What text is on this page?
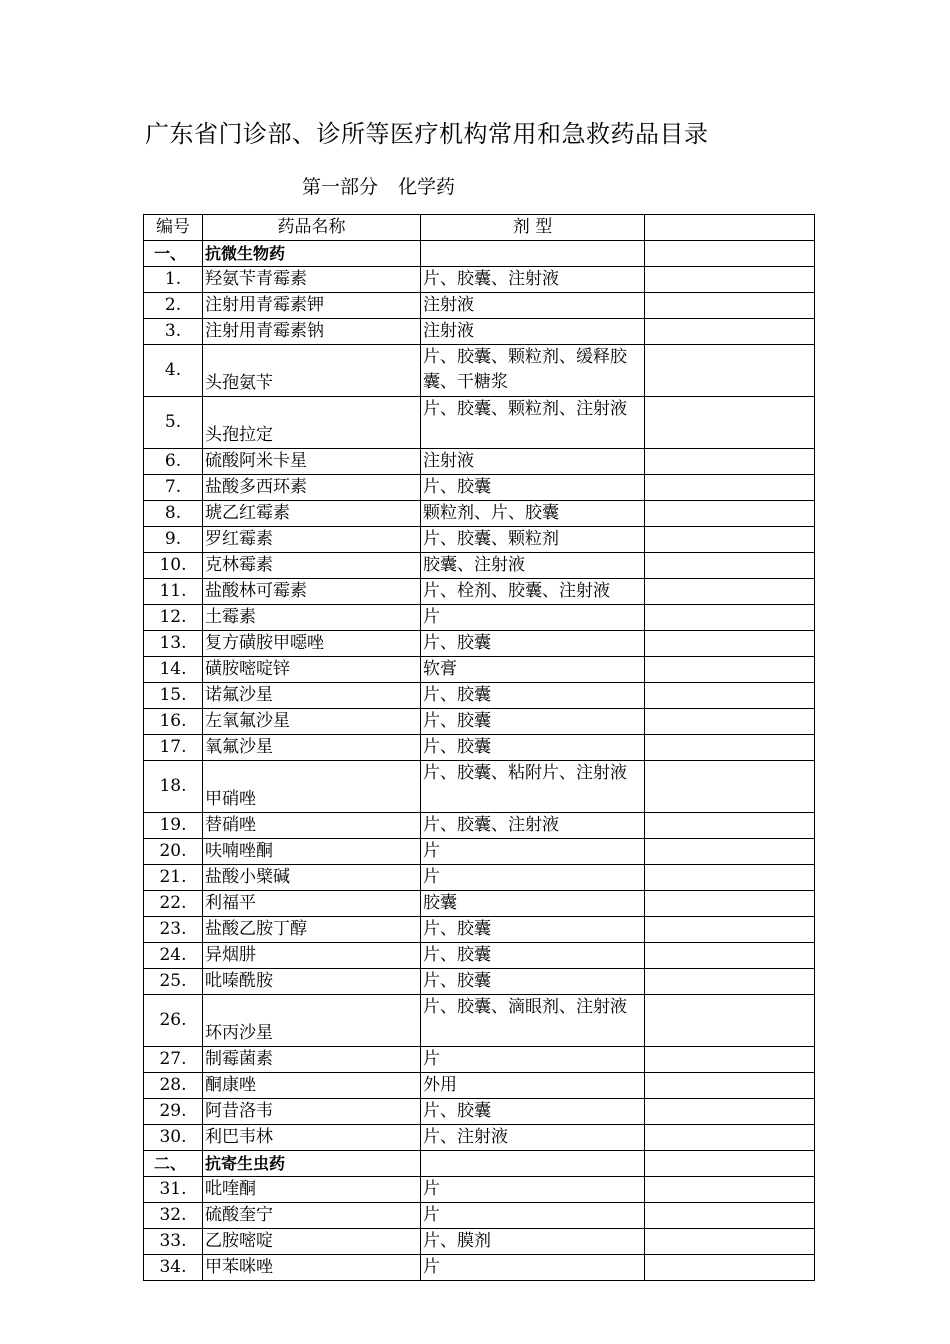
广东省门诊部、诊所等医疗机构常用和急救药品目录
第一部分 化学药
编号	药品名称	剂 型	
一、	抗微生物药		
1.	羟氨苄青霉素	片、胶囊、注射液	
2.	注射用青霉素钾	注射液	
3.	注射用青霉素钠	注射液	
4.	头孢氨苄	片、胶囊、颗粒剂、缓释胶囊、干糖浆	
5.	头孢拉定	片、胶囊、颗粒剂、注射液	
6.	硫酸阿米卡星	注射液	
7.	盐酸多西环素	片、胶囊	
8.	琥乙红霉素	颗粒剂、片、胶囊	
9.	罗红霉素	片、胶囊、颗粒剂	
10.	克林霉素	胶囊、注射液	
11.	盐酸林可霉素	片、栓剂、胶囊、注射液	
12.	土霉素	片	
13.	复方磺胺甲噁唑	片、胶囊	
14.	磺胺嘧啶锌	软膏	
15.	诺氟沙星	片、胶囊	
16.	左氧氟沙星	片、胶囊	
17.	氧氟沙星	片、胶囊	
18.	甲硝唑	片、胶囊、粘附片、注射液	
19.	替硝唑	片、胶囊、注射液	
20.	呋喃唑酮	片	
21.	盐酸小檗碱	片	
22.	利福平	胶囊	
23.	盐酸乙胺丁醇	片、胶囊	
24.	异烟肼	片、胶囊	
25.	吡嗪酰胺	片、胶囊	
26.	环丙沙星	片、胶囊、滴眼剂、注射液	
27.	制霉菌素	片	
28.	酮康唑	外用	
29.	阿昔洛韦	片、胶囊	
30.	利巴韦林	片、注射液	
二、	抗寄生虫药		
31.	吡喹酮	片	
32.	硫酸奎宁	片	
33.	乙胺嘧啶	片、膜剂	
34.	甲苯咪唑	片	
